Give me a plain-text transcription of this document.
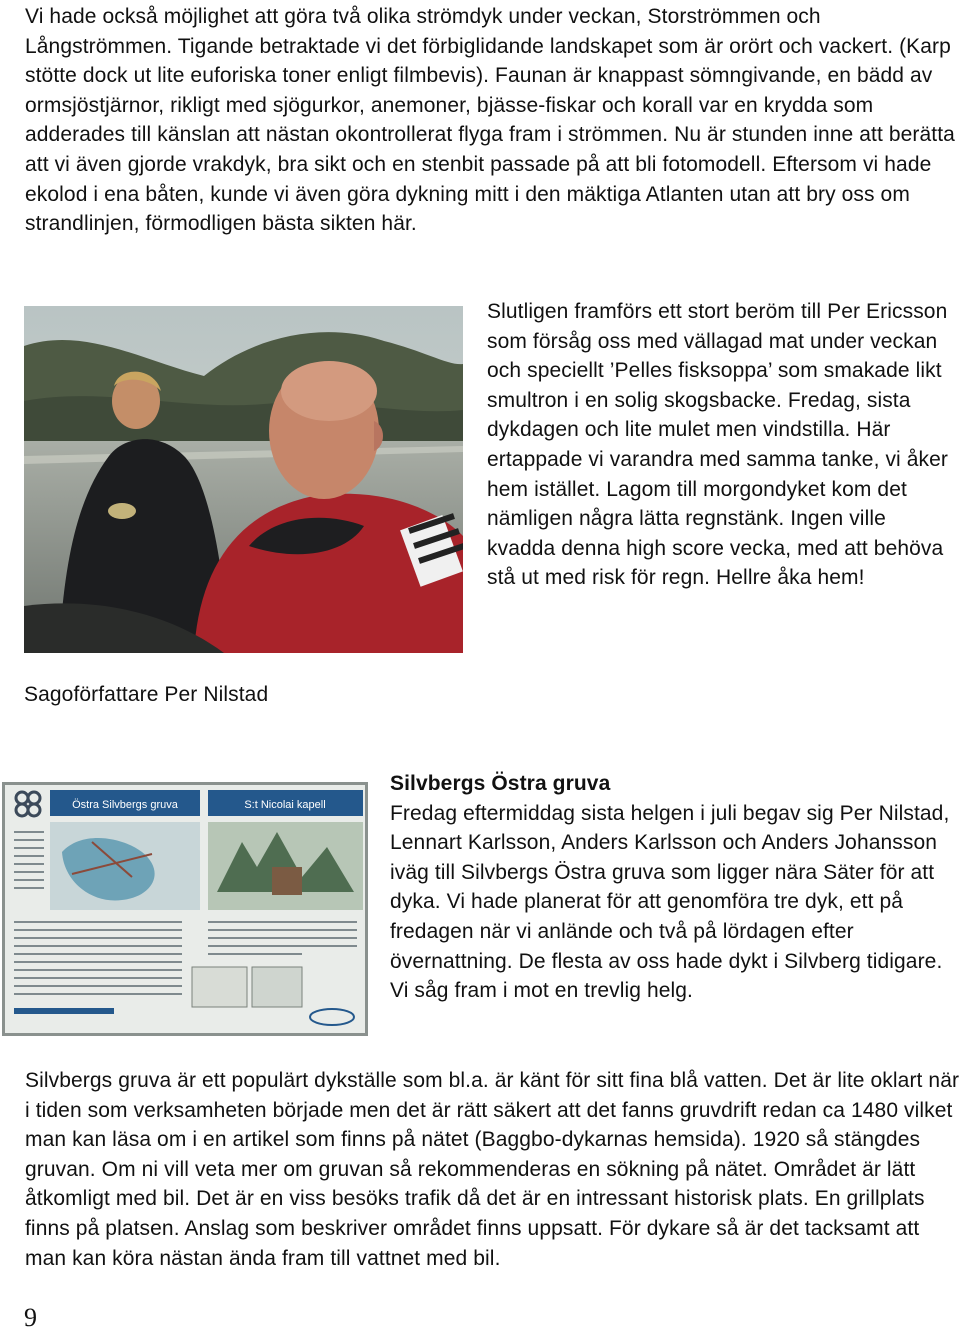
Vi hade också möjlighet att göra två olika strömdyk under veckan, Storströmmen och Långströmmen. Tigande betraktade vi det förbiglidande landskapet som är orört och vackert. (Karp stötte dock ut lite euforiska toner enligt filmbevis). Faunan är knappast sömngivande, en bädd av ormsjöstjärnor, rikligt med sjögurkor, anemoner, bjässe-fiskar och korall var en krydda som adderades till känslan att nästan okontrollerat flyga fram i strömmen. Nu är stunden inne att berätta att vi även gjorde vrakdyk, bra sikt och en stenbit passade på att bli fotomodell. Eftersom vi hade ekolod i ena båten, kunde vi även göra dykning mitt i den mäktiga Atlanten utan att bry oss om strandlinjen, förmodligen bästa sikten här.

Slutligen framförs ett stort beröm till Per Ericsson som försåg oss med vällagad mat under veckan och speciellt ’Pelles fisksoppa’ som smakade likt smultron i en solig skogsbacke. Fredag, sista dykdagen och lite mulet men vindstilla. Här ertappade vi varandra med samma tanke, vi åker hem istället. Lagom till morgondyket kom det nämligen några lätta regnstänk. Ingen ville kvadda denna high score vecka, med att behöva stå ut med risk för regn. Hellre åka hem!

Sagoförfattare Per Nilstad

Östra Silvbergs gruva	S:t Nicolai kapell
Silvbergs Östra gruva
Fredag eftermiddag sista helgen i juli begav sig Per Nilstad, Lennart Karlsson, Anders Karlsson och Anders Johansson iväg till Silvbergs Östra gruva som ligger nära Säter för att dyka. Vi hade planerat för att genomföra tre dyk, ett på fredagen när vi anlände och två på lördagen efter övernattning. De flesta av oss hade dykt i Silvberg tidigare. Vi såg fram i mot en trevlig helg.

Silvbergs gruva är ett populärt dykställe som bl.a. är känt för sitt fina blå vatten. Det är lite oklart när i tiden som verksamheten började men det är rätt säkert att det fanns gruvdrift redan ca 1480 vilket man kan läsa om i en artikel som finns på nätet (Baggbo-dykarnas hemsida). 1920 så stängdes gruvan. Om ni vill veta mer om gruvan så rekommenderas en sökning på nätet. Området är lätt åtkomligt med bil. Det är en viss besöks trafik då det är en intressant historisk plats. En grillplats finns på platsen. Anslag som beskriver området finns uppsatt. För dykare så är det tacksamt att man kan köra nästan ända fram till vattnet med bil.

9
